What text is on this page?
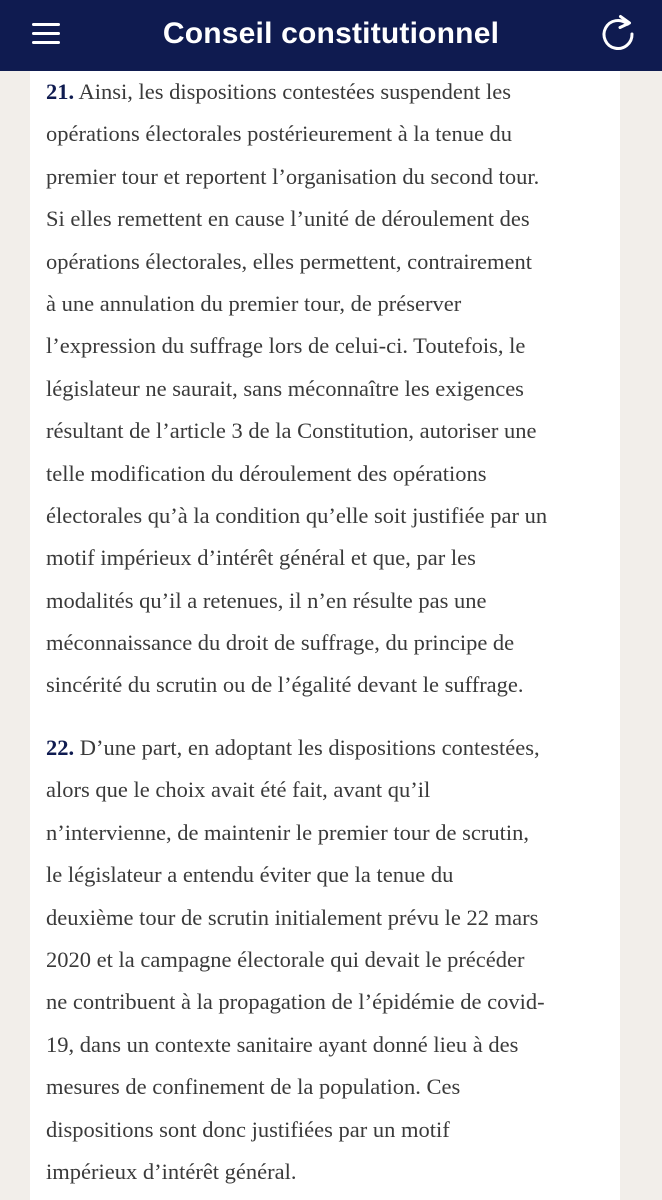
Conseil constitutionnel
21. Ainsi, les dispositions contestées suspendent les
opérations électorales postérieurement à la tenue du
premier tour et reportent l’organisation du second tour.
Si elles remettent en cause l’unité de déroulement des
opérations électorales, elles permettent, contrairement
à une annulation du premier tour, de préserver
l’expression du suffrage lors de celui-ci. Toutefois, le
législateur ne saurait, sans méconnaître les exigences
résultant de l’article 3 de la Constitution, autoriser une
telle modification du déroulement des opérations
électorales qu’à la condition qu’elle soit justifiée par un
motif impérieux d’intérêt général et que, par les
modalités qu’il a retenues, il n’en résulte pas une
méconnaissance du droit de suffrage, du principe de
sincérité du scrutin ou de l’égalité devant le suffrage.
22. D’une part, en adoptant les dispositions contestées,
alors que le choix avait été fait, avant qu’il
n’intervienne, de maintenir le premier tour de scrutin,
le législateur a entendu éviter que la tenue du
deuxième tour de scrutin initialement prévu le 22 mars
2020 et la campagne électorale qui devait le précéder
ne contribuent à la propagation de l’épidémie de covid-
19, dans un contexte sanitaire ayant donné lieu à des
mesures de confinement de la population. Ces
dispositions sont donc justifiées par un motif
impérieux d’intérêt général.
